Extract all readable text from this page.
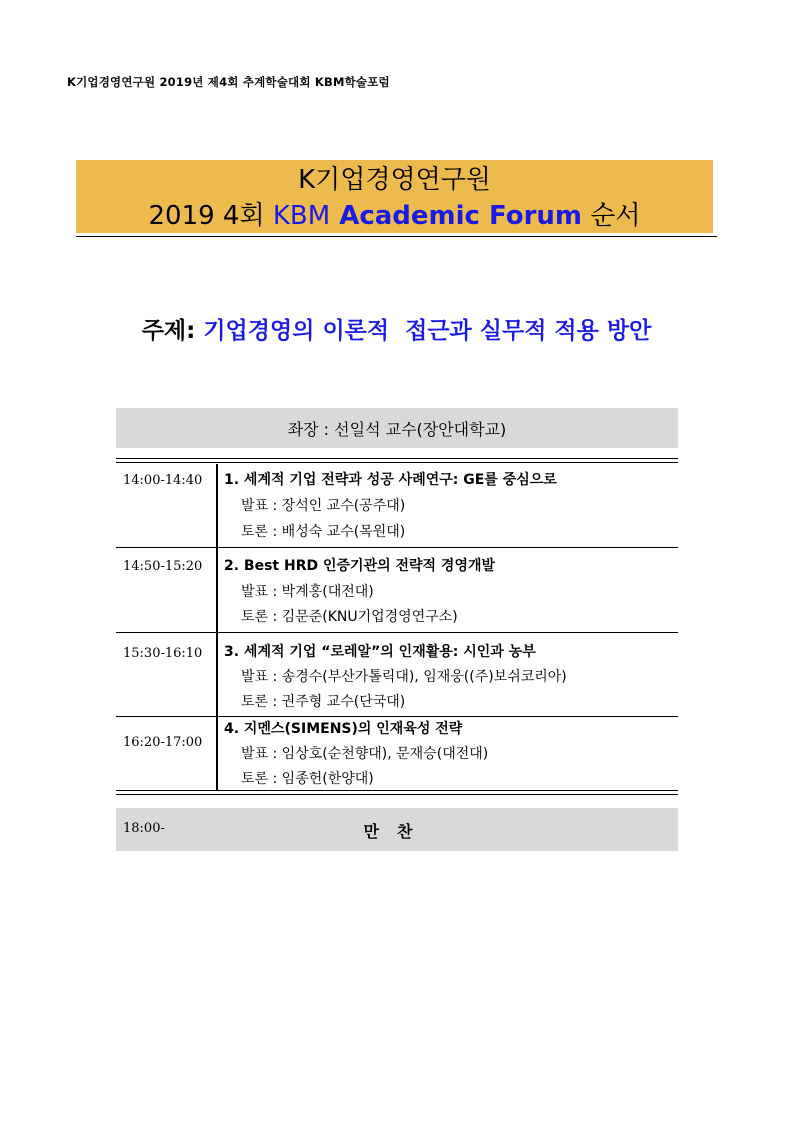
K기업경영연구원 2019년 제4회 추계학술대회 KBM학술포럼
K기업경영연구원
2019 4회 KBM Academic Forum 순서
주제: 기업경영의 이론적  접근과 실무적 적용 방안
좌장 : 선일석 교수(장안대학교)
14:00-14:40 1. 세계적 기업 전략과 성공 사례연구: GE를 중심으로
발표 : 장석인 교수(공주대)
토론 : 배성숙 교수(목원대)
14:50-15:20 2. Best HRD 인증기관의 전략적 경영개발
발표 : 박계홍(대전대)
토론 : 김문준(KNU기업경영연구소)
15:30-16:10 3. 세계적 기업 “로레알”의 인재활용: 시인과 농부
발표 : 송경수(부산가톨릭대), 임재웅((주)보쉬코리아)
토론 : 권주형 교수(단국대)
16:20-17:00
4. 지멘스(SIMENS)의 인재육성 전략
발표 : 임상호(순천향대), 문재승(대전대)
토론 : 임종헌(한양대)
18:00-	만찬
